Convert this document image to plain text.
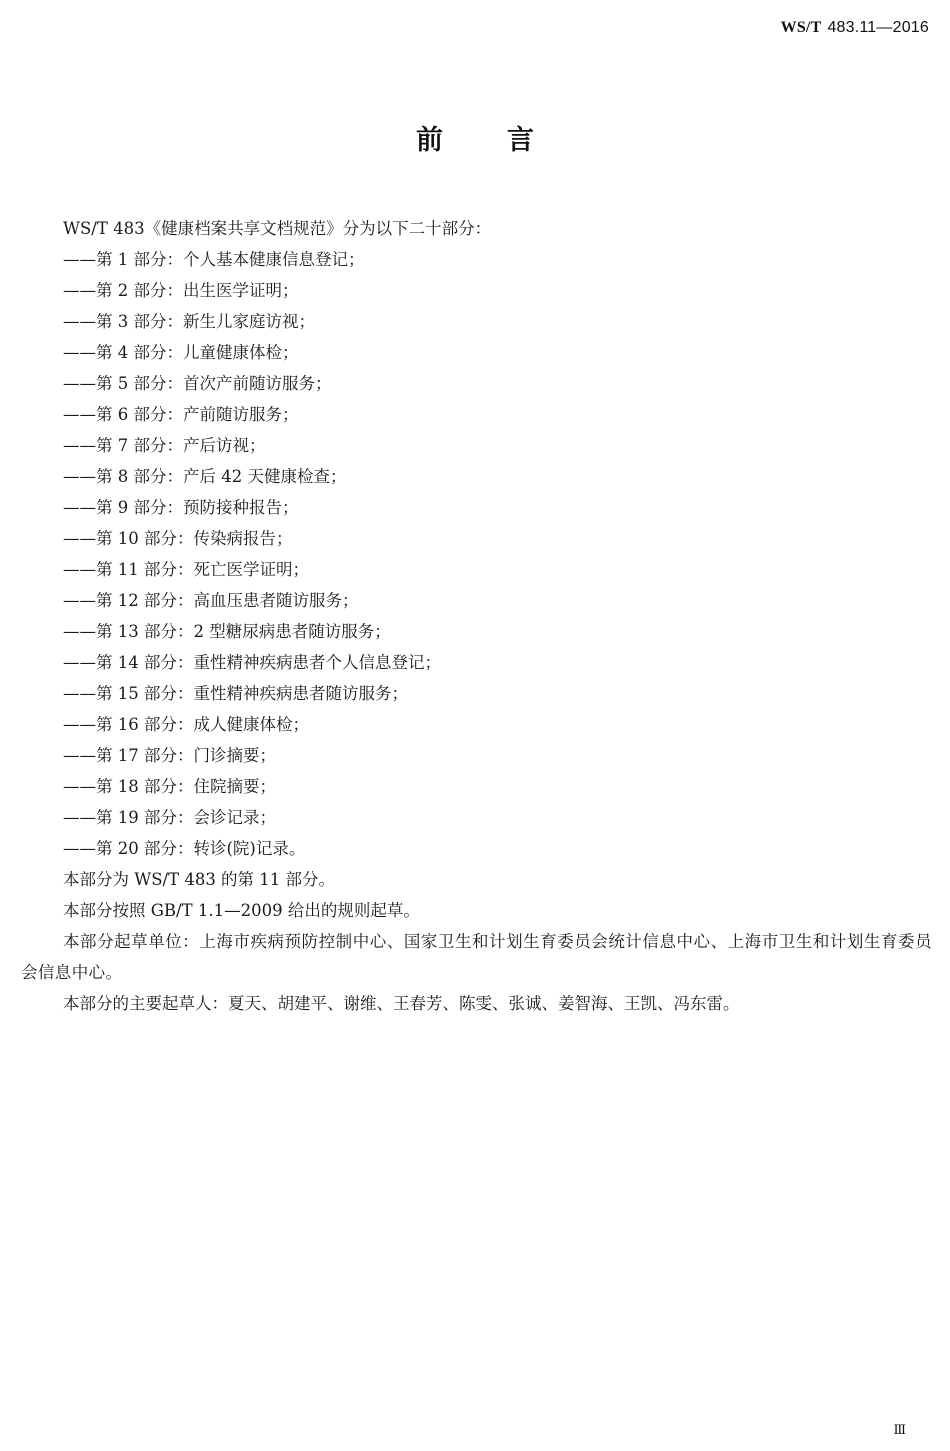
WS/T 483.11—2016
前言
WS/T 483《健康档案共享文档规范》分为以下二十部分：
——第 1 部分：个人基本健康信息登记；
——第 2 部分：出生医学证明；
——第 3 部分：新生儿家庭访视；
——第 4 部分：儿童健康体检；
——第 5 部分：首次产前随访服务；
——第 6 部分：产前随访服务；
——第 7 部分：产后访视；
——第 8 部分：产后 42 天健康检查；
——第 9 部分：预防接种报告；
——第 10 部分：传染病报告；
——第 11 部分：死亡医学证明；
——第 12 部分：高血压患者随访服务；
——第 13 部分：2 型糖尿病患者随访服务；
——第 14 部分：重性精神疾病患者个人信息登记；
——第 15 部分：重性精神疾病患者随访服务；
——第 16 部分：成人健康体检；
——第 17 部分：门诊摘要；
——第 18 部分：住院摘要；
——第 19 部分：会诊记录；
——第 20 部分：转诊(院)记录。
本部分为 WS/T 483 的第 11 部分。
本部分按照 GB/T 1.1—2009 给出的规则起草。
本部分起草单位：上海市疾病预防控制中心、国家卫生和计划生育委员会统计信息中心、上海市卫生和计划生育委员会信息中心。
本部分的主要起草人：夏天、胡建平、谢维、王春芳、陈雯、张诚、姜智海、王凯、冯东雷。
Ⅲ
